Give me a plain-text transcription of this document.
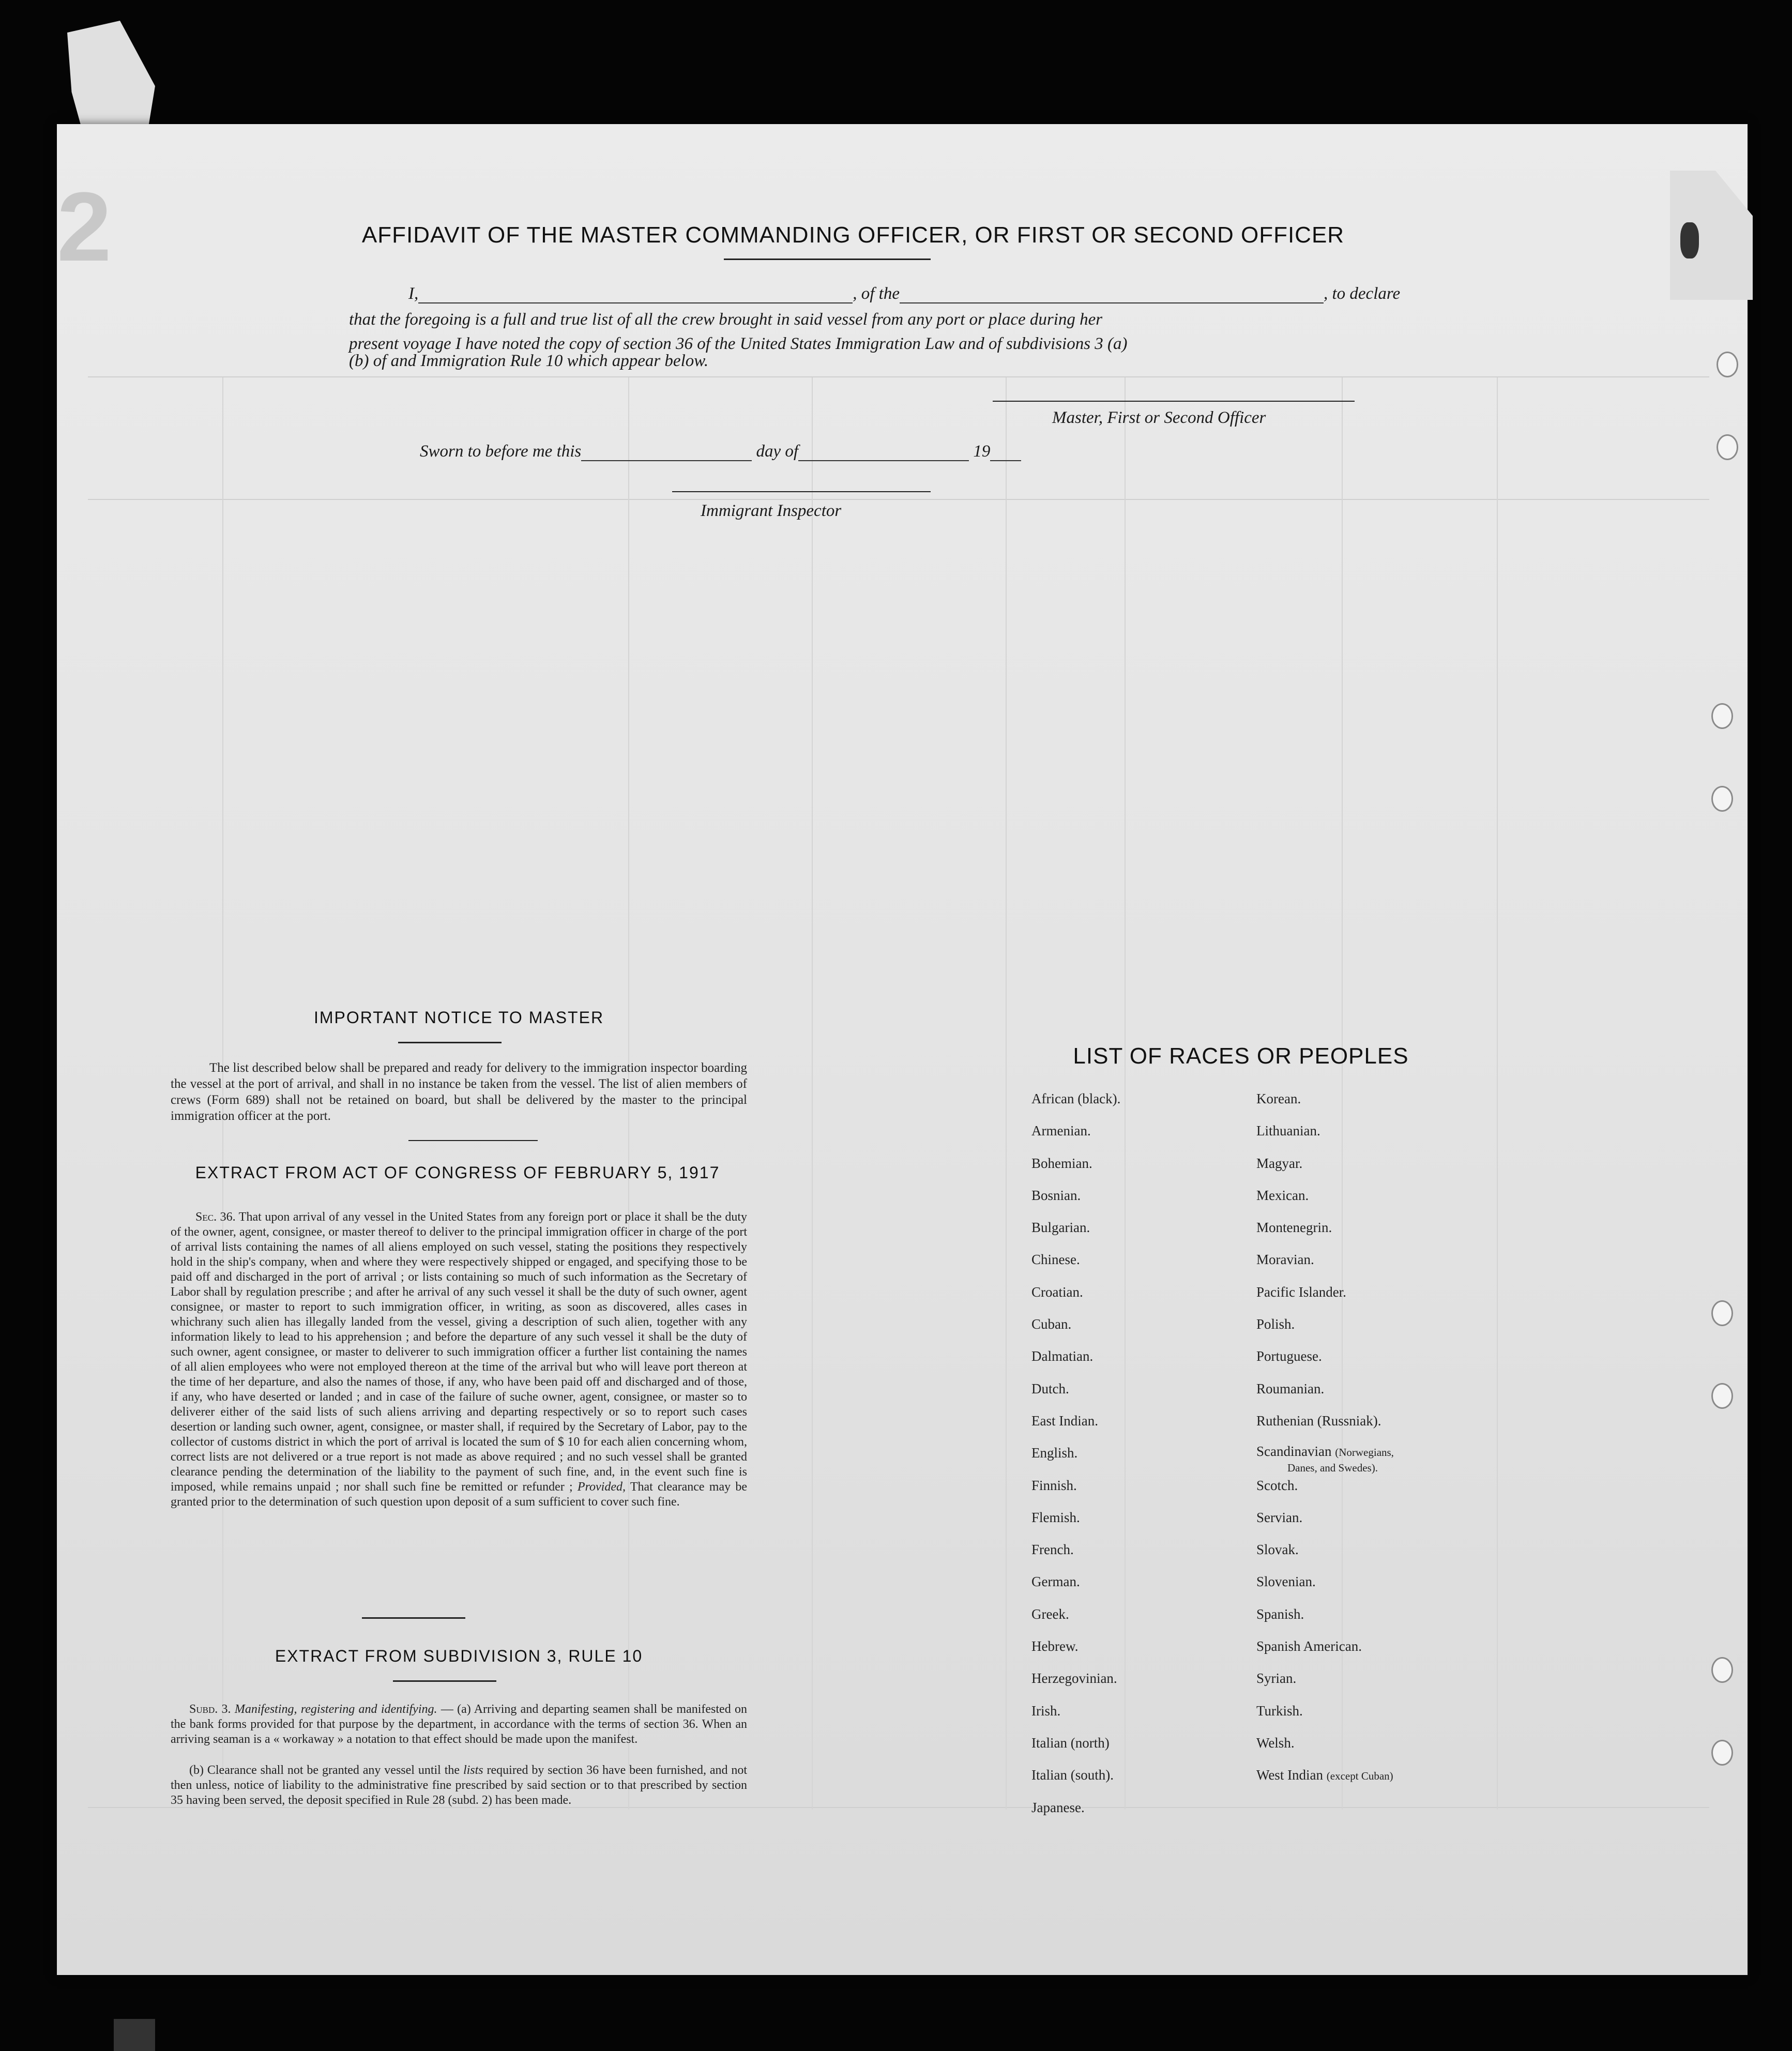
2	AFFIDAVIT OF THE MASTER COMMANDING OFFICER, OR FIRST OR SECOND OFFICER
I,	, of the	, to declare
that the foregoing is a full and true list of all the crew brought in said vessel from any port or place during her
present voyage I have noted the copy of section 36 of the United States Immigration Law and of subdivisions 3 (a)
(b) of and Immigration Rule 10 which appear below.
Master, First or Second Officer
Sworn to before me this	day of	19
Immigrant Inspector
IMPORTANT NOTICE TO MASTER
The list described below shall be prepared and ready for delivery to the immigration inspector boarding the vessel at the port of arrival, and shall in no instance be taken from the vessel. The list of alien members of crews (Form 689) shall not be retained on board, but shall be delivered by the master to the principal immigration officer at the port.
EXTRACT FROM ACT OF CONGRESS OF FEBRUARY 5, 1917
Sec. 36. That upon arrival of any vessel in the United States from any foreign port or place it shall be the duty of the owner, agent, consignee, or master thereof to deliver to the principal immigration officer in charge of the port of arrival lists containing the names of all aliens employed on such vessel, stating the positions they respectively hold in the ship's company, when and where they were respectively shipped or engaged, and specifying those to be paid off and discharged in the port of arrival ; or lists containing so much of such information as the Secretary of Labor shall by regulation prescribe ; and after he arrival of any such vessel it shall be the duty of such owner, agent consignee, or master to report to such immigration officer, in writing, as soon as discovered, alles cases in whichrany such alien has illegally landed from the vessel, giving a description of such alien, together with any information likely to lead to his apprehension ; and before the departure of any such vessel it shall be the duty of such owner, agent consignee, or master to deliverer to such immigration officer a further list containing the names of all alien employees who were not employed thereon at the time of the arrival but who will leave port thereon at the time of her departure, and also the names of those, if any, who have been paid off and discharged and of those, if any, who have deserted or landed ; and in case of the failure of suche owner, agent, consignee, or master so to deliverer either of the said lists of such aliens arriving and departing respectively or so to report such cases desertion or landing such owner, agent, consignee, or master shall, if required by the Secretary of Labor, pay to the collector of customs district in which the port of arrival is located the sum of $ 10 for each alien concerning whom, correct lists are not delivered or a true report is not made as above required ; and no such vessel shall be granted clearance pending the determination of the liability to the payment of such fine, and, in the event such fine is imposed, while remains unpaid ; nor shall such fine be remitted or refunder ; Provided, That clearance may be granted prior to the determination of such question upon deposit of a sum sufficient to cover such fine.
EXTRACT FROM SUBDIVISION 3, RULE 10
Subd. 3. Manifesting, registering and identifying. — (a) Arriving and departing seamen shall be manifested on the bank forms provided for that purpose by the department, in accordance with the terms of section 36. When an arriving seaman is a « workaway » a notation to that effect should be made upon the manifest.
(b) Clearance shall not be granted any vessel until the lists required by section 36 have been furnished, and not then unless, notice of liability to the administrative fine prescribed by said section or to that prescribed by section 35 having been served, the deposit specified in Rule 28 (subd. 2) has been made.
LIST OF RACES OR PEOPLES
African (black).
Armenian.
Bohemian.
Bosnian.
Bulgarian.
Chinese.
Croatian.
Cuban.
Dalmatian.
Dutch.
East Indian.
English.
Finnish.
Flemish.
French.
German.
Greek.
Hebrew.
Herzegovinian.
Irish.
Italian (north)
Italian (south).
Japanese.
Korean.
Lithuanian.
Magyar.
Mexican.
Montenegrin.
Moravian.
Pacific Islander.
Polish.
Portuguese.
Roumanian.
Ruthenian (Russniak).
Scandinavian (Norwegians,
Danes, and Swedes).
Scotch.
Servian.
Slovak.
Slovenian.
Spanish.
Spanish American.
Syrian.
Turkish.
Welsh.
West Indian (except Cuban)
